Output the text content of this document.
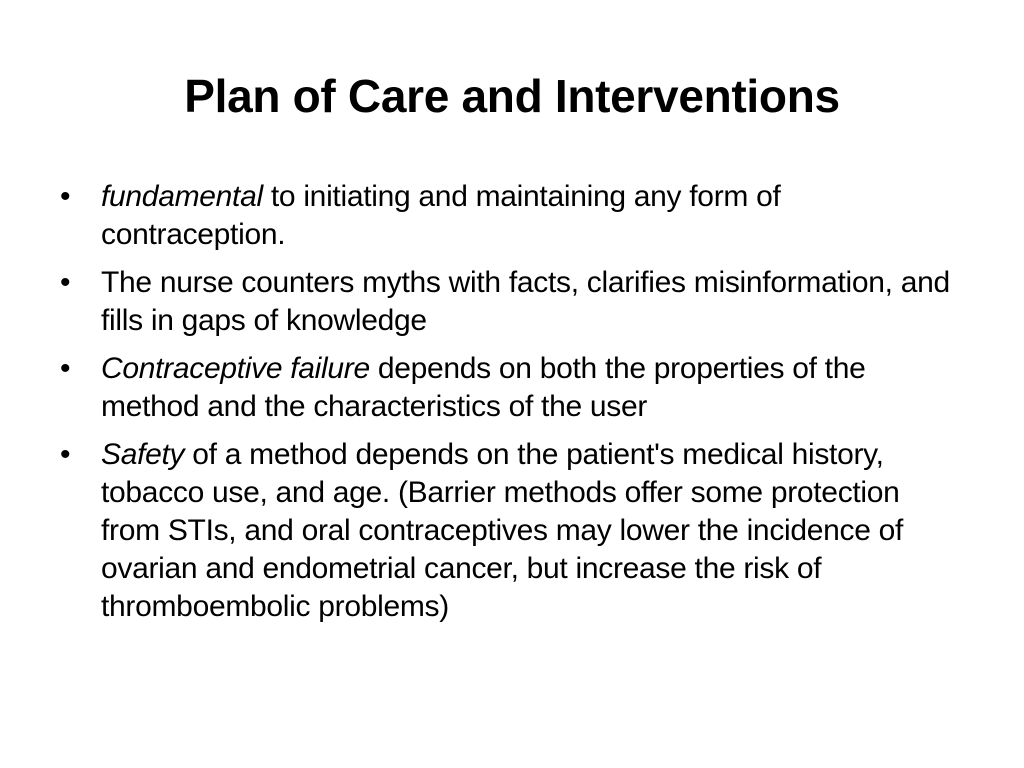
Plan of Care and Interventions
•	fundamental to initiating and maintaining any form of contraception.
•	The nurse counters myths with facts, clarifies misinformation, and fills in gaps of knowledge
•	Contraceptive failure depends on both the properties of the method and the characteristics of the user
•	Safety of a method depends on the patient's medical history, tobacco use, and age. (Barrier methods offer some protection from STIs, and oral contraceptives may lower the incidence of ovarian and endometrial cancer, but increase the risk of thromboembolic problems)
